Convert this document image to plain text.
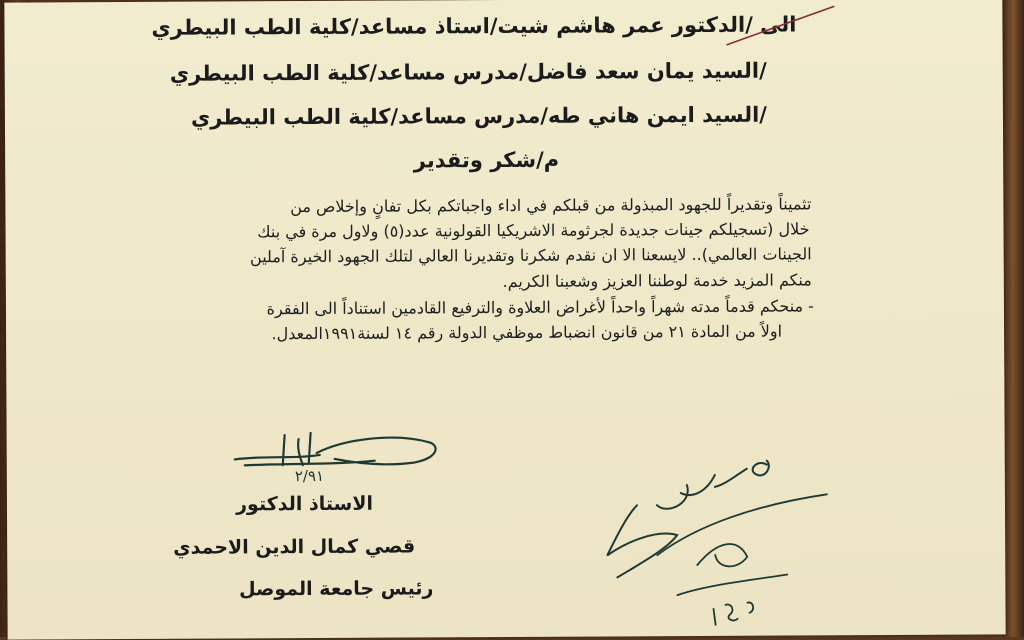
الى /الدكتور عمر هاشم شيت/استاذ مساعد/كلية الطب البيطري
/السيد يمان سعد فاضل/مدرس مساعد/كلية الطب البيطري
/السيد ايمن هاني طه/مدرس مساعد/كلية الطب البيطري
م/شكر وتقدير
تثميناً وتقديراً للجهود المبذولة من قبلكم في اداء واجباتكم بكل تفانٍ وإخلاص من
خلال (تسجيلكم جينات جديدة لجرثومة الاشريكيا القولونية عدد(٥) ولاول مرة في بنك
الجينات العالمي).. لايسعنا الا ان نقدم شكرنا وتقديرنا العالي لتلك الجهود الخيرة آملين
منكم المزيد خدمة لوطننا العزيز وشعبنا الكريم.
- منحكم قدماً مدته شهراً واحداً لأغراض العلاوة والترفيع القادمين استناداً الى الفقرة
اولاً من المادة ٢١ من قانون انضباط موظفي الدولة رقم ١٤ لسنة١٩٩١المعدل.
٢/٩١
الاستاذ الدكتور
قصي كمال الدين الاحمدي
رئيس جامعة الموصل
